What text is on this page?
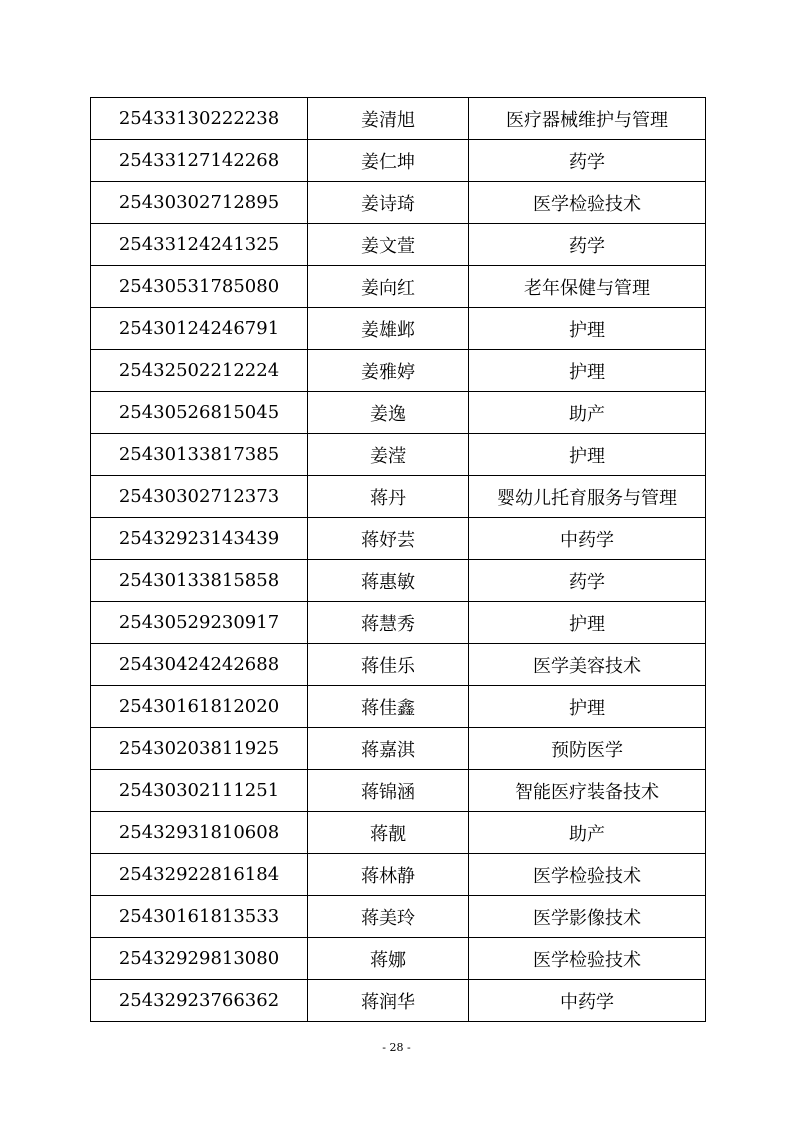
25433130222238	姜清旭	医疗器械维护与管理
25433127142268	姜仁坤	药学
25430302712895	姜诗琦	医学检验技术
25433124241325	姜文萱	药学
25430531785080	姜向红	老年保健与管理
25430124246791	姜雄邺	护理
25432502212224	姜雅婷	护理
25430526815045	姜逸	助产
25430133817385	姜滢	护理
25430302712373	蒋丹	婴幼儿托育服务与管理
25432923143439	蒋妤芸	中药学
25430133815858	蒋惠敏	药学
25430529230917	蒋慧秀	护理
25430424242688	蒋佳乐	医学美容技术
25430161812020	蒋佳鑫	护理
25430203811925	蒋嘉淇	预防医学
25430302111251	蒋锦涵	智能医疗装备技术
25432931810608	蒋靓	助产
25432922816184	蒋林静	医学检验技术
25430161813533	蒋美玲	医学影像技术
25432929813080	蒋娜	医学检验技术
25432923766362	蒋润华	中药学
- 28 -
